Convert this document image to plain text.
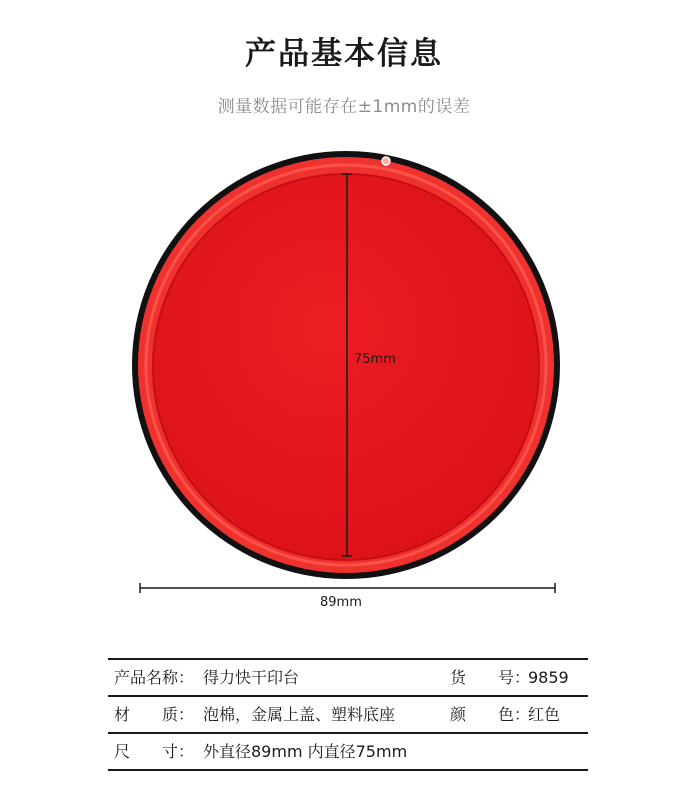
产品基本信息
测量数据可能存在±1mm的误差
75mm
89mm
产品名称： 得力快干印台	货　　号：
9859
材　　质： 泡棉，金属上盖、塑料底座	颜　　色：
红色
尺　　寸： 外直径89mm 内直径75mm
